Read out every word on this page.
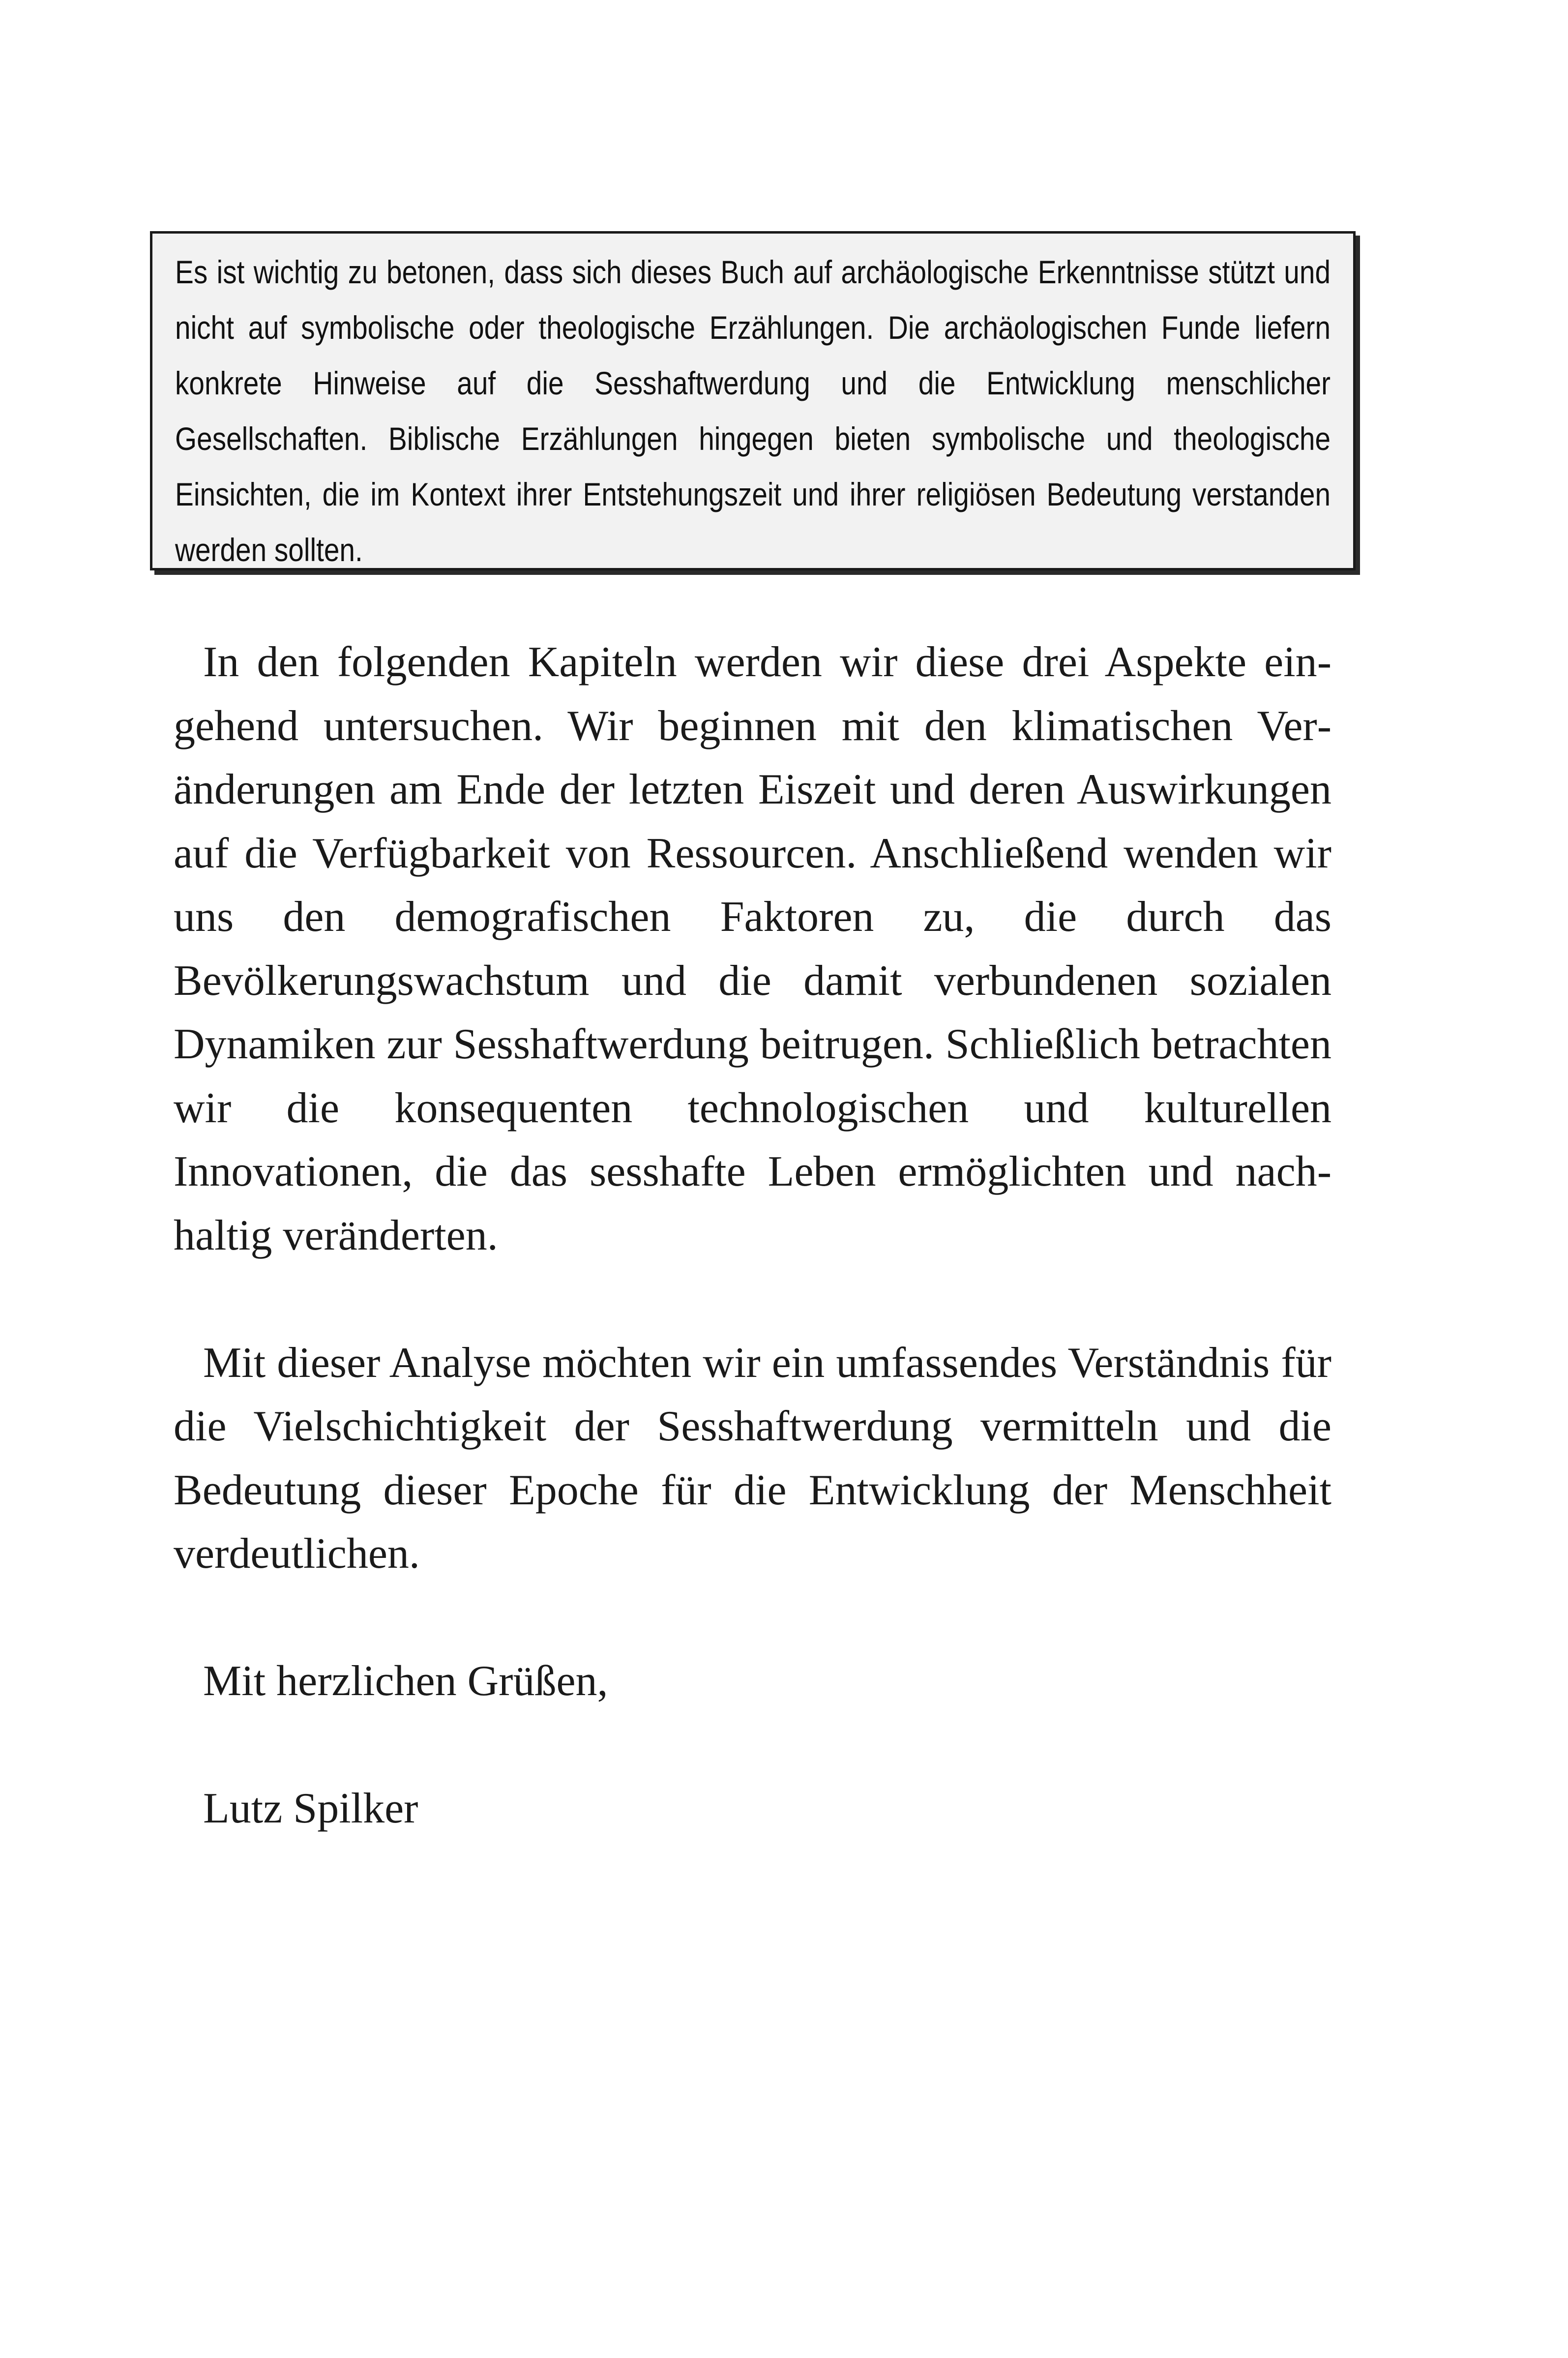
Es ist wichtig zu betonen, dass sich dieses Buch auf archäologische Erkenntnisse stützt und nicht auf symbolische oder theologische Erzählungen. Die archäologischen Funde liefern konkrete Hinweise auf die Sesshaftwerdung und die Entwicklung menschlicher Gesellschaften. Biblische Erzählungen hingegen bieten symbolische und theologische Einsichten, die im Kontext ihrer Entstehungszeit und ihrer religiösen Bedeutung verstanden werden sollten.

In den folgenden Kapiteln werden wir diese drei Aspekte eingehend untersuchen. Wir beginnen mit den klimatischen Veränderungen am Ende der letzten Eiszeit und deren Auswirkungen auf die Verfügbarkeit von Ressourcen. Anschließend wenden wir uns den demografischen Faktoren zu, die durch das Bevölkerungswachstum und die damit verbundenen sozialen Dynamiken zur Sesshaftwerdung beitrugen. Schließlich betrachten wir die konsequenten technologischen und kulturellen Innovationen, die das sesshafte Leben ermöglichten und nachhaltig veränderten.

Mit dieser Analyse möchten wir ein umfassendes Verständnis für die Vielschichtigkeit der Sesshaftwerdung vermitteln und die Bedeutung dieser Epoche für die Entwicklung der Menschheit verdeutlichen.

Mit herzlichen Grüßen,

Lutz Spilker
